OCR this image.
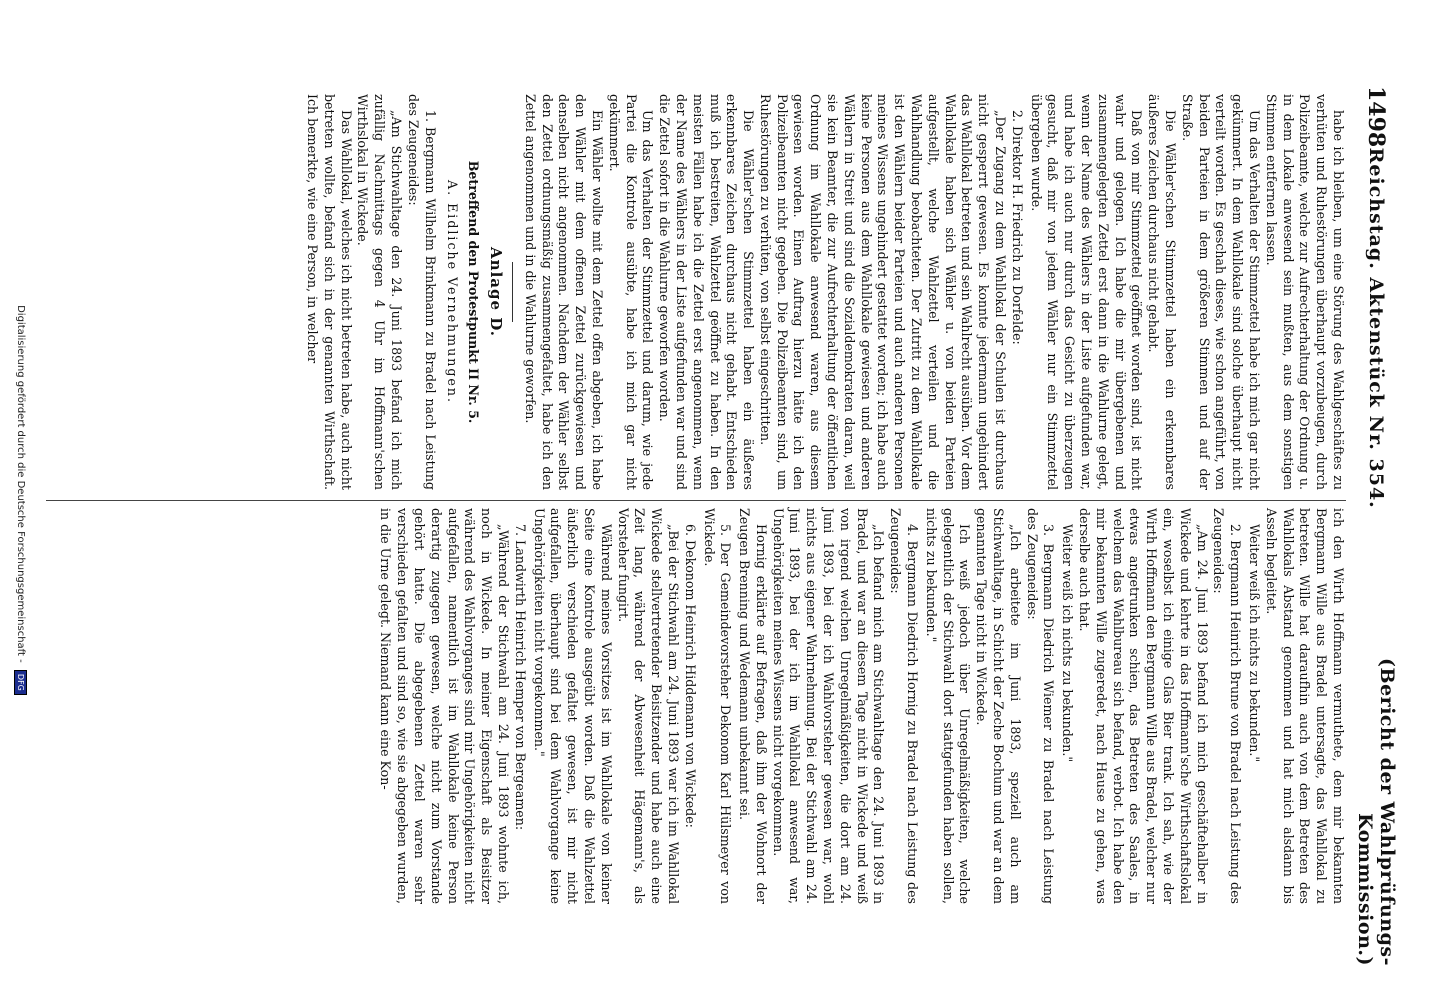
1498
Reichstag. Aktenstück Nr. 354.
(Bericht der Wahlprüfungs-Kommission.)

habe ich bleiben, um eine Störung des Wahlgeschäftes zu verhüten und Ruhestörungen überhaupt vorzubeugen, durch Polizeibeamte, welche zur Aufrechterhaltung der Ordnung u. in dem Lokale anwesend sein mußten, aus dem sonstigen Stimmen entfernen lassen.

Um das Verhalten der Stimmzettel habe ich mich gar nicht gekümmert. In dem Wahllokale sind solche überhaupt nicht verteilt worden. Es geschah dieses, wie schon angeführt, von beiden Parteien in dem größeren Stimmen und auf der Straße.

Die Wähler'schen Stimmzettel haben ein erkennbares äußeres Zeichen durchaus nicht gehabt.

Daß von mir Stimmzettel geöffnet worden sind, ist nicht wahr und gelogen. Ich habe die mir übergebenen und zusammengelegten Zettel erst dann in die Wahlurne gelegt, wenn der Name des Wählers in der Liste aufgefunden war, und habe ich auch nur durch das Gesicht zu überzeugen gesucht, daß mir von jedem Wähler nur ein Stimmzettel übergeben wurde.

2. Direktor H. Friedrich zu Dorfelde:

„Der Zugang zu dem Wahllokal der Schulen ist durchaus nicht gesperrt gewesen. Es konnte jedermann ungehindert das Wahllokal betreten und sein Wahlrecht ausüben. Vor dem Wahllokale haben sich Wähler u. von beiden Parteien aufgestellt, welche Wahlzettel verteilen und die Wahlhandlung beobachteten. Der Zutritt zu dem Wahllokale ist den Wählern beider Parteien und auch anderen Personen meines Wissens ungehindert gestattet worden; ich habe auch keine Personen aus dem Wahllokale gewiesen und anderen Wählern in Streit und sind die Sozialdemokraten daran, weil sie kein Beamter, die zur Aufrechterhaltung der öffentlichen Ordnung im Wahllokale anwesend waren, aus diesem gewiesen worden. Einen Auftrag hierzu hätte ich den Polizeibeamten nicht gegeben. Die Polizeibeamten sind, um Ruhestörungen zu verhüten, von selbst eingeschritten.

Die Wähler'schen Stimmzettel haben ein äußeres erkennbares Zeichen durchaus nicht gehabt. Entschieden muß ich bestreiten, Wahlzettel geöffnet zu haben. In den meisten Fällen habe ich die Zettel erst angenommen, wenn der Name des Wählers in der Liste aufgefunden war und sind die Zettel sofort in die Wahlurne geworfen worden.

Um das Verhalten der Stimmzettel und darum, wie jede Partei die Kontrole ausübte, habe ich mich gar nicht gekümmert.

Ein Wähler wollte mit dem Zettel offen abgeben, ich habe den Wähler mit dem offenen Zettel zurückgewiesen und denselben nicht angenommen. Nachdem der Wähler selbst den Zettel ordnungsmäßig zusammengefaltet, habe ich den Zettel angenommen und in die Wahlurne geworfen.

Anlage D.
Betreffend den Protestpunkt II Nr. 5.
A. Eidliche Vernehmungen.

1. Bergmann Wilhelm Brinkmann zu Bradel nach Leistung des Zeugeneides:

„Am Stichwahltage den 24. Juni 1893 befand ich mich zufällig Nachmittags gegen 4 Uhr im Hoffmann'schen Wirthslokal in Wickede.

Das Wahllokal, welches ich nicht betreten habe, auch nicht betreten wollte, befand sich in der genannten Wirthschaft. Ich bemerkte, wie eine Person, in welcher

ich den Wirth Hoffmann vermuthete, dem mir bekannten Bergmann Wille aus Bradel untersagte, das Wahllokal zu betreten. Wille hat daraufhin auch von dem Betreten des Wahllokals Abstand genommen und hat mich alsdann bis Asseln begleitet.

Weiter weiß ich nichts zu bekunden."

2. Bergmann Heinrich Brune von Bradel nach Leistung des Zeugeneides:

„Am 24. Juni 1893 befand ich mich geschäftehalber in Wickede und kehrte in das Hoffmann'sche Wirthschaftslokal ein, woselbst ich einige Glas Bier trank. Ich sah, wie der Wirth Hoffmann den Bergmann Wille aus Bradel, welcher nur etwas angetrunken schien, das Betreten des Saales, in welchem das Wahlbureau sich befand, verbot. Ich habe den mir bekannten Wille zugeredet, nach Hause zu gehen, was derselbe auch that.

Weiter weiß ich nichts zu bekunden."

3. Bergmann Diedrich Wiemer zu Bradel nach Leistung des Zeugeneides:

„Ich arbeitete im Juni 1893, speziell auch am Stichwahltage, in Schicht der Zeche Bochum und war an dem genannten Tage nicht in Wickede.

Ich weiß jedoch über Unregelmäßigkeiten, welche gelegentlich der Stichwahl dort stattgefunden haben sollen, nichts zu bekunden."

4. Bergmann Diedrich Hornig zu Bradel nach Leistung des Zeugeneides:

„Ich befand mich am Stichwahltage den 24. Juni 1893 in Bradel, und war an diesem Tage nicht in Wickede und weiß von irgend welchen Unregelmäßigkeiten, die dort am 24. Juni 1893, bei der ich Wahlvorsteher gewesen war, wohl nichts aus eigener Wahrnehmung. Bei der Stichwahl am 24. Juni 1893, bei der ich im Wahllokal anwesend war, Ungehörigkeiten meines Wissens nicht vorgekommen.

Hornig erklärte auf Befragen, daß ihm der Wohnort der Zeugen Brenning und Wedemann unbekannt sei.

5. Der Gemeindevorsteher Dekonom Karl Hülsmeyer von Wickede.

6. Dekonom Heinrich Hiddemann von Wickede:

„Bei der Stichwahl am 24. Juni 1893 war ich im Wahllokal Wickede stellvertretender Beisitzender und habe auch eine Zeit lang, während der Abwesenheit Hägemann's, als Vorsteher fungirt.

Während meines Vorsitzes ist im Wahllokale von keiner Seite eine Kontrole ausgeübt worden. Daß die Wahlzettel äußerlich verschieden gefaltet gewesen, ist mir nicht aufgefallen, überhaupt sind bei dem Wahlvorgange keine Ungehörigkeiten nicht vorgekommen."

7. Landwirth Heinrich Hemper von Bergeamen:

„Während der Stichwahl am 24. Juni 1893 wohnte ich, noch in Wickede. In meiner Eigenschaft als Beisitzer während des Wahlvorganges sind mir Ungehörigkeiten nicht aufgefallen, namentlich ist im Wahllokale keine Person derartig zugegen gewesen, welche nicht zum Vorstande gehört hatte. Die abgegebenen Zettel waren sehr verschieden gefalten und sind so, wie sie abgegeben wurden, in die Urne gelegt. Niemand kann eine Kon-

Digitalisierung gefördert durch die Deutsche Forschungsgemeinschaft - DFG
